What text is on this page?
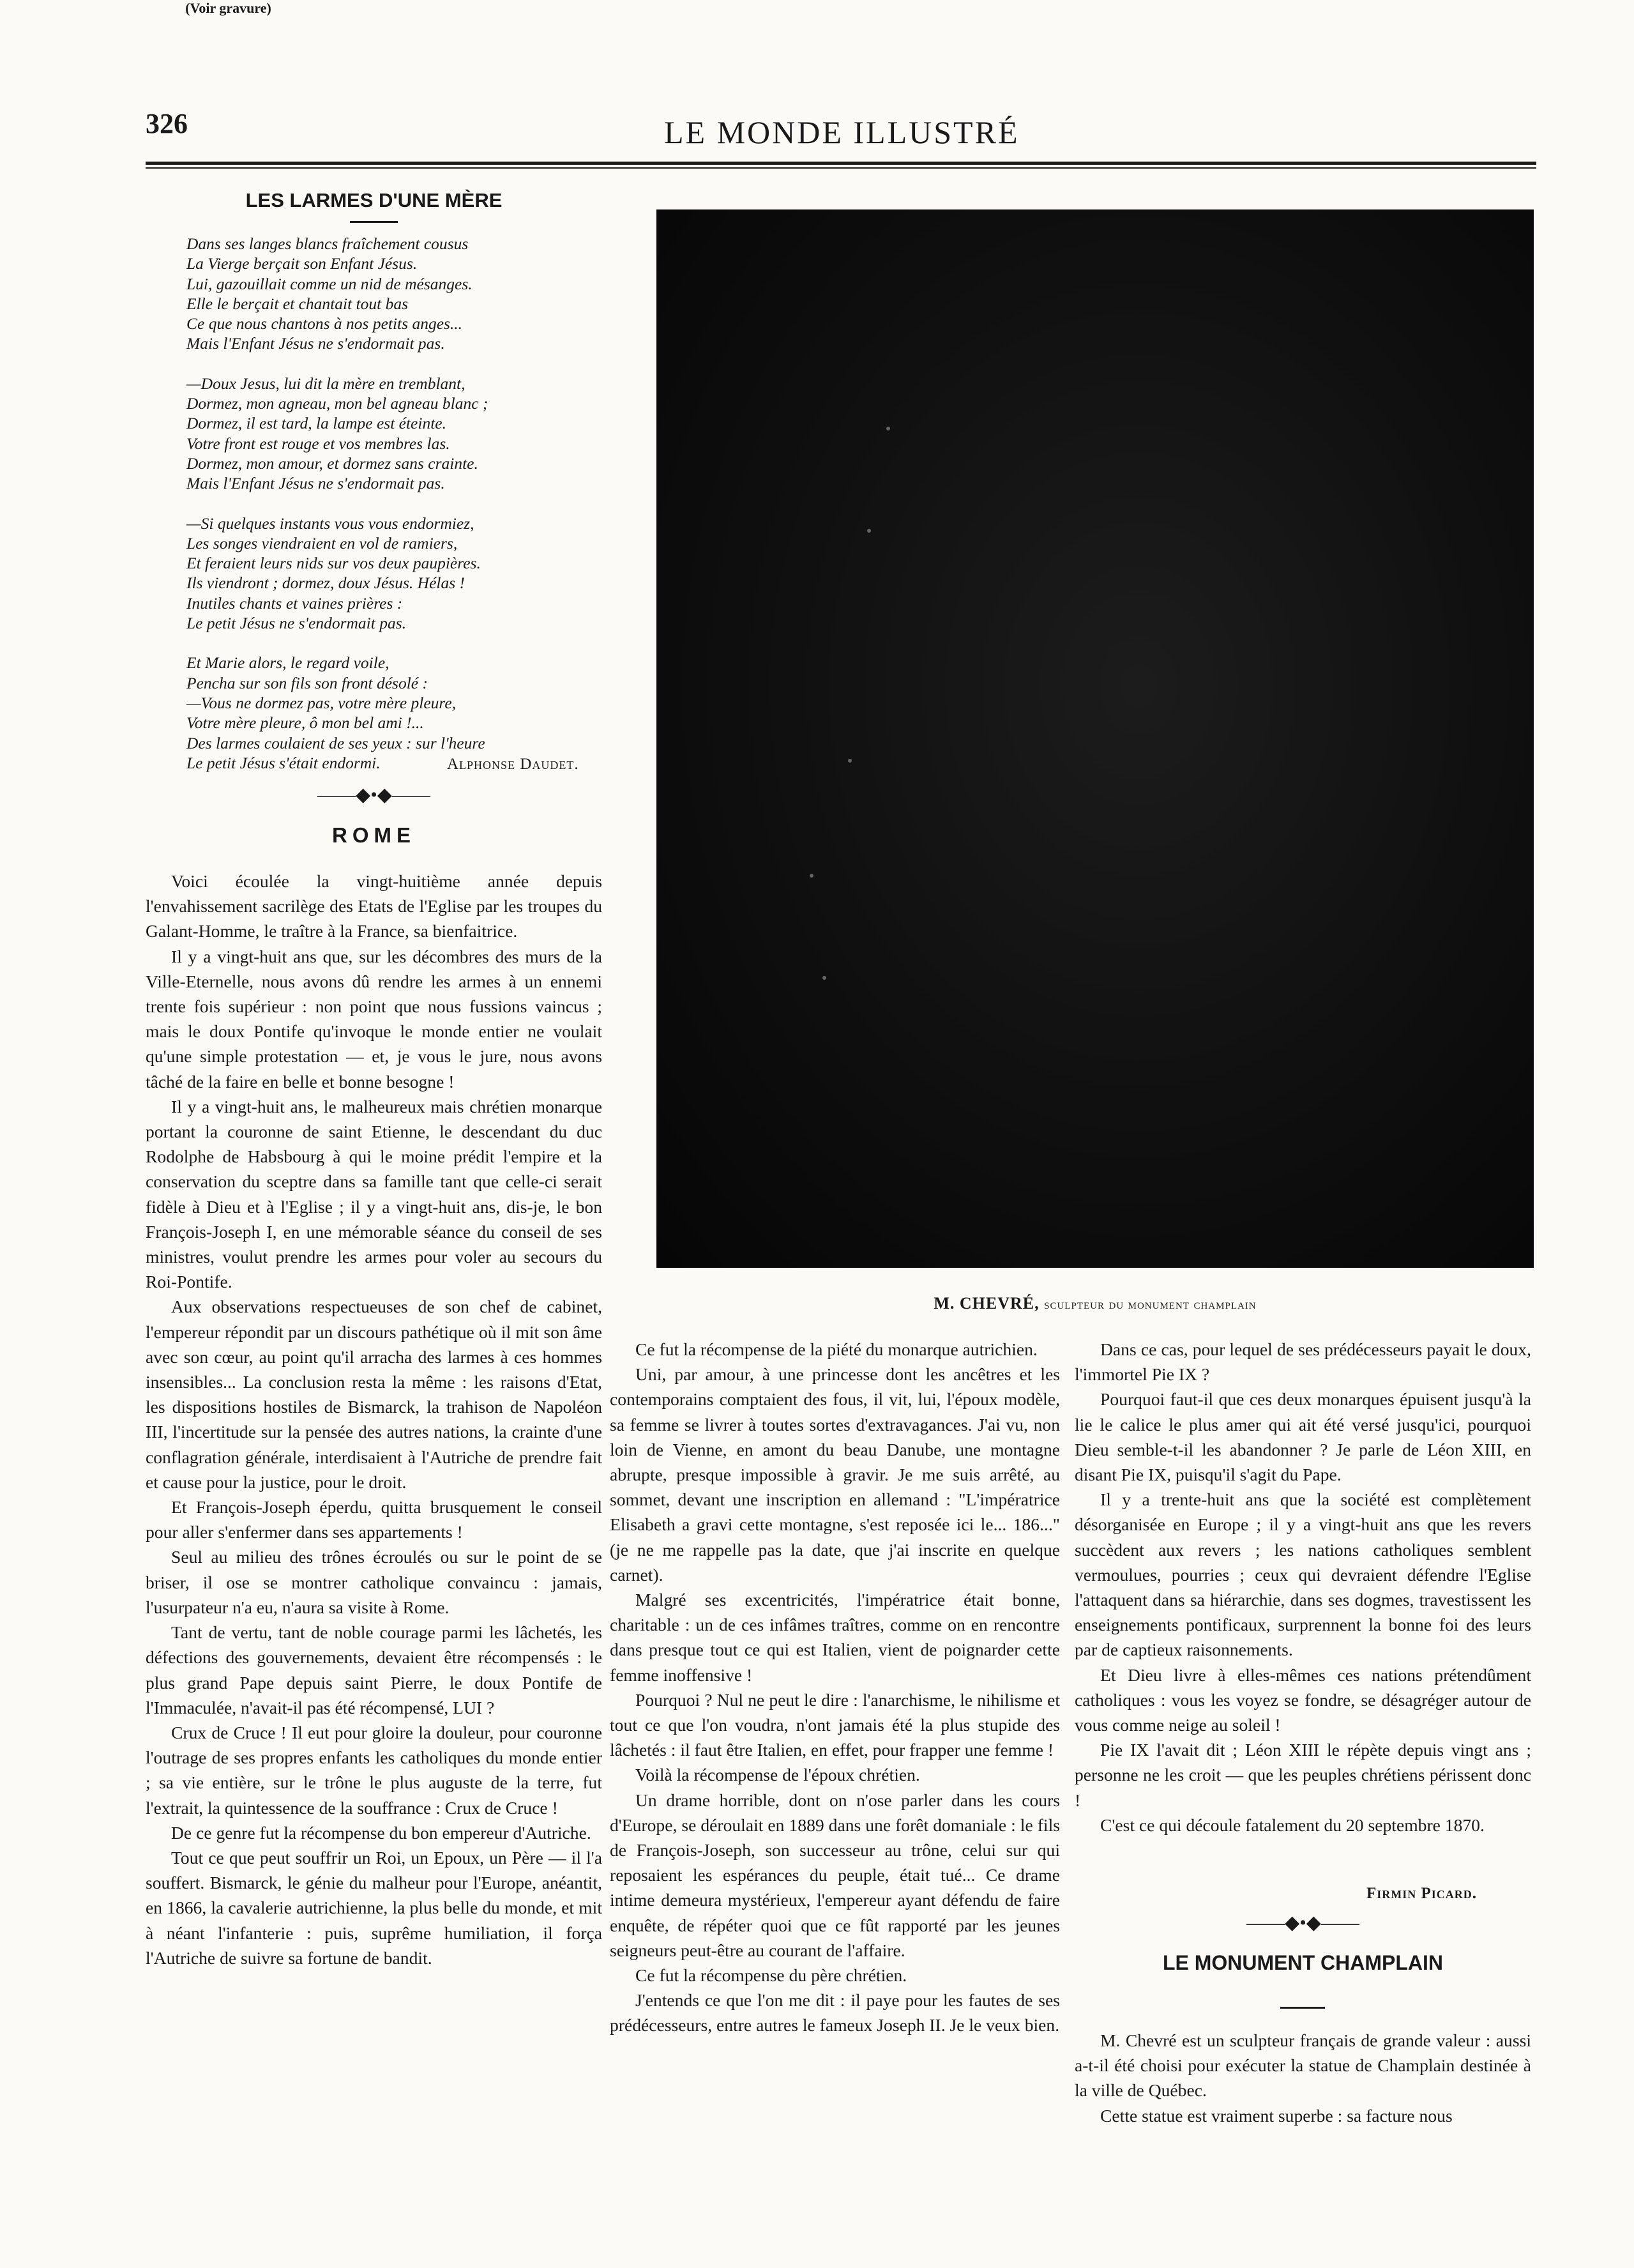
326	LE MONDE ILLUSTRÉ
LES LARMES D'UNE MÈRE
Dans ses langes blancs fraîchement cousus
La Vierge berçait son Enfant Jésus.
Lui, gazouillait comme un nid de mésanges.
Elle le berçait et chantait tout bas
Ce que nous chantons à nos petits anges...
Mais l'Enfant Jésus ne s'endormait pas.
—Doux Jesus, lui dit la mère en tremblant,
Dormez, mon agneau, mon bel agneau blanc ;
Dormez, il est tard, la lampe est éteinte.
Votre front est rouge et vos membres las.
Dormez, mon amour, et dormez sans crainte.
Mais l'Enfant Jésus ne s'endormait pas.
—Si quelques instants vous vous endormiez,
Les songes viendraient en vol de ramiers,
Et feraient leurs nids sur vos deux paupières.
Ils viendront ; dormez, doux Jésus. Hélas !
Inutiles chants et vaines prières :
Le petit Jésus ne s'endormait pas.
Et Marie alors, le regard voile,
Pencha sur son fils son front désolé :
—Vous ne dormez pas, votre mère pleure,
Votre mère pleure, ô mon bel ami !...
Des larmes coulaient de ses yeux : sur l'heure
Le petit Jésus s'était endormi.	Alphonse Daudet.
——◆•◆——
ROME

Voici écoulée la vingt-huitième année depuis l'envahissement sacrilège des Etats de l'Eglise par les troupes du Galant-Homme, le traître à la France, sa bienfaitrice.

Il y a vingt-huit ans que, sur les décombres des murs de la Ville-Eternelle, nous avons dû rendre les armes à un ennemi trente fois supérieur : non point que nous fussions vaincus ; mais le doux Pontife qu'invoque le monde entier ne voulait qu'une simple protestation — et, je vous le jure, nous avons tâché de la faire en belle et bonne besogne !

Il y a vingt-huit ans, le malheureux mais chrétien monarque portant la couronne de saint Etienne, le descendant du duc Rodolphe de Habsbourg à qui le moine prédit l'empire et la conservation du sceptre dans sa famille tant que celle-ci serait fidèle à Dieu et à l'Eglise ; il y a vingt-huit ans, dis-je, le bon François-Joseph I, en une mémorable séance du conseil de ses ministres, voulut prendre les armes pour voler au secours du Roi-Pontife.

Aux observations respectueuses de son chef de cabinet, l'empereur répondit par un discours pathétique où il mit son âme avec son cœur, au point qu'il arracha des larmes à ces hommes insensibles... La conclusion resta la même : les raisons d'Etat, les dispositions hostiles de Bismarck, la trahison de Napoléon III, l'incertitude sur la pensée des autres nations, la crainte d'une conflagration générale, interdisaient à l'Autriche de prendre fait et cause pour la justice, pour le droit.

Et François-Joseph éperdu, quitta brusquement le conseil pour aller s'enfermer dans ses appartements !

Seul au milieu des trônes écroulés ou sur le point de se briser, il ose se montrer catholique convaincu : jamais, l'usurpateur n'a eu, n'aura sa visite à Rome.

Tant de vertu, tant de noble courage parmi les lâchetés, les défections des gouvernements, devaient être récompensés : le plus grand Pape depuis saint Pierre, le doux Pontife de l'Immaculée, n'avait-il pas été récompensé, LUI ?

Crux de Cruce ! Il eut pour gloire la douleur, pour couronne l'outrage de ses propres enfants les catholiques du monde entier ; sa vie entière, sur le trône le plus auguste de la terre, fut l'extrait, la quintessence de la souffrance : Crux de Cruce !

De ce genre fut la récompense du bon empereur d'Autriche.

Tout ce que peut souffrir un Roi, un Epoux, un Père — il l'a souffert. Bismarck, le génie du malheur pour l'Europe, anéantit, en 1866, la cavalerie autrichienne, la plus belle du monde, et mit à néant l'infanterie : puis, suprême humiliation, il força l'Autriche de suivre sa fortune de bandit.

M. CHEVRÉ, sculpteur du monument champlain

Ce fut la récompense de la piété du monarque autrichien.

Uni, par amour, à une princesse dont les ancêtres et les contemporains comptaient des fous, il vit, lui, l'époux modèle, sa femme se livrer à toutes sortes d'extravagances. J'ai vu, non loin de Vienne, en amont du beau Danube, une montagne abrupte, presque impossible à gravir. Je me suis arrêté, au sommet, devant une inscription en allemand : "L'impératrice Elisabeth a gravi cette montagne, s'est reposée ici le... 186..." (je ne me rappelle pas la date, que j'ai inscrite en quelque carnet).

Malgré ses excentricités, l'impératrice était bonne, charitable : un de ces infâmes traîtres, comme on en rencontre dans presque tout ce qui est Italien, vient de poignarder cette femme inoffensive !

Pourquoi ? Nul ne peut le dire : l'anarchisme, le nihilisme et tout ce que l'on voudra, n'ont jamais été la plus stupide des lâchetés : il faut être Italien, en effet, pour frapper une femme !

Voilà la récompense de l'époux chrétien.

Un drame horrible, dont on n'ose parler dans les cours d'Europe, se déroulait en 1889 dans une forêt domaniale : le fils de François-Joseph, son successeur au trône, celui sur qui reposaient les espérances du peuple, était tué... Ce drame intime demeura mystérieux, l'empereur ayant défendu de faire enquête, de répéter quoi que ce fût rapporté par les jeunes seigneurs peut-être au courant de l'affaire.

Ce fut la récompense du père chrétien.

J'entends ce que l'on me dit : il paye pour les fautes de ses prédécesseurs, entre autres le fameux Joseph II. Je le veux bien.

Dans ce cas, pour lequel de ses prédécesseurs payait le doux, l'immortel Pie IX ?

Pourquoi faut-il que ces deux monarques épuisent jusqu'à la lie le calice le plus amer qui ait été versé jusqu'ici, pourquoi Dieu semble-t-il les abandonner ? Je parle de Léon XIII, en disant Pie IX, puisqu'il s'agit du Pape.

Il y a trente-huit ans que la société est complètement désorganisée en Europe ; il y a vingt-huit ans que les revers succèdent aux revers ; les nations catholiques semblent vermoulues, pourries ; ceux qui devraient défendre l'Eglise l'attaquent dans sa hiérarchie, dans ses dogmes, travestissent les enseignements pontificaux, surprennent la bonne foi des leurs par de captieux raisonnements.

Et Dieu livre à elles-mêmes ces nations prétendûment catholiques : vous les voyez se fondre, se désagréger autour de vous comme neige au soleil !

Pie IX l'avait dit ; Léon XIII le répète depuis vingt ans ; personne ne les croit — que les peuples chrétiens périssent donc !

C'est ce qui découle fatalement du 20 septembre 1870.

Firmin Picard.
——◆•◆——
LE MONUMENT CHAMPLAIN
(Voir gravure)

M. Chevré est un sculpteur français de grande valeur : aussi a-t-il été choisi pour exécuter la statue de Champlain destinée à la ville de Québec.

Cette statue est vraiment superbe : sa facture nous
